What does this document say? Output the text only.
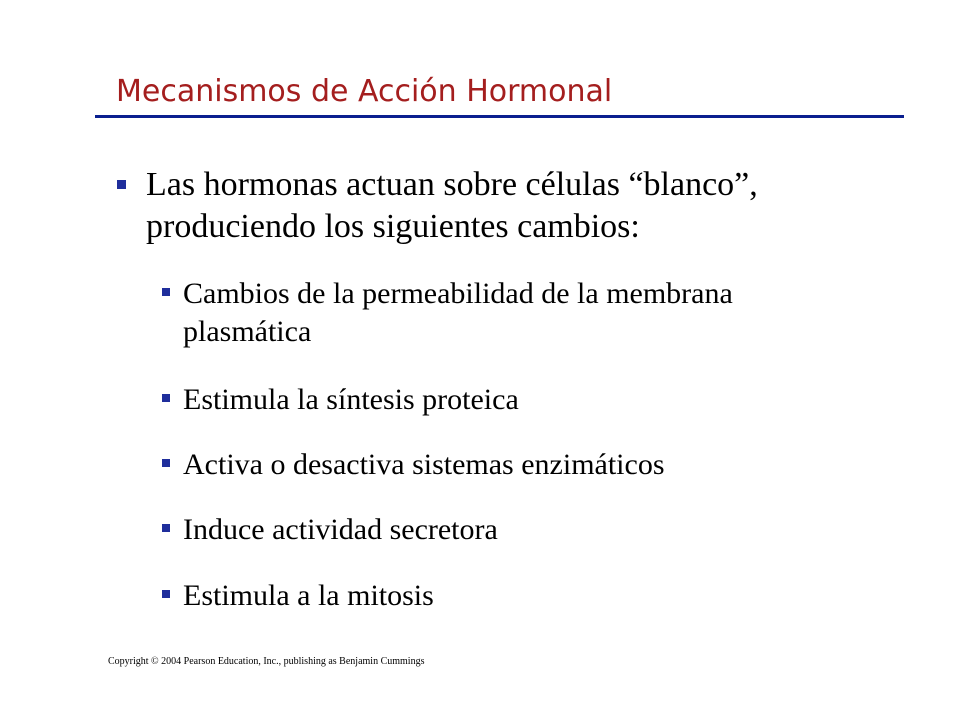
Mecanismos de Acción Hormonal
Las hormonas actuan sobre células “blanco”,
produciendo los siguientes cambios:
Cambios de la permeabilidad de la membrana
plasmática
Estimula la síntesis proteica
Activa o desactiva sistemas enzimáticos
Induce actividad secretora
Estimula a la mitosis
Copyright © 2004 Pearson Education, Inc., publishing as Benjamin Cummings
